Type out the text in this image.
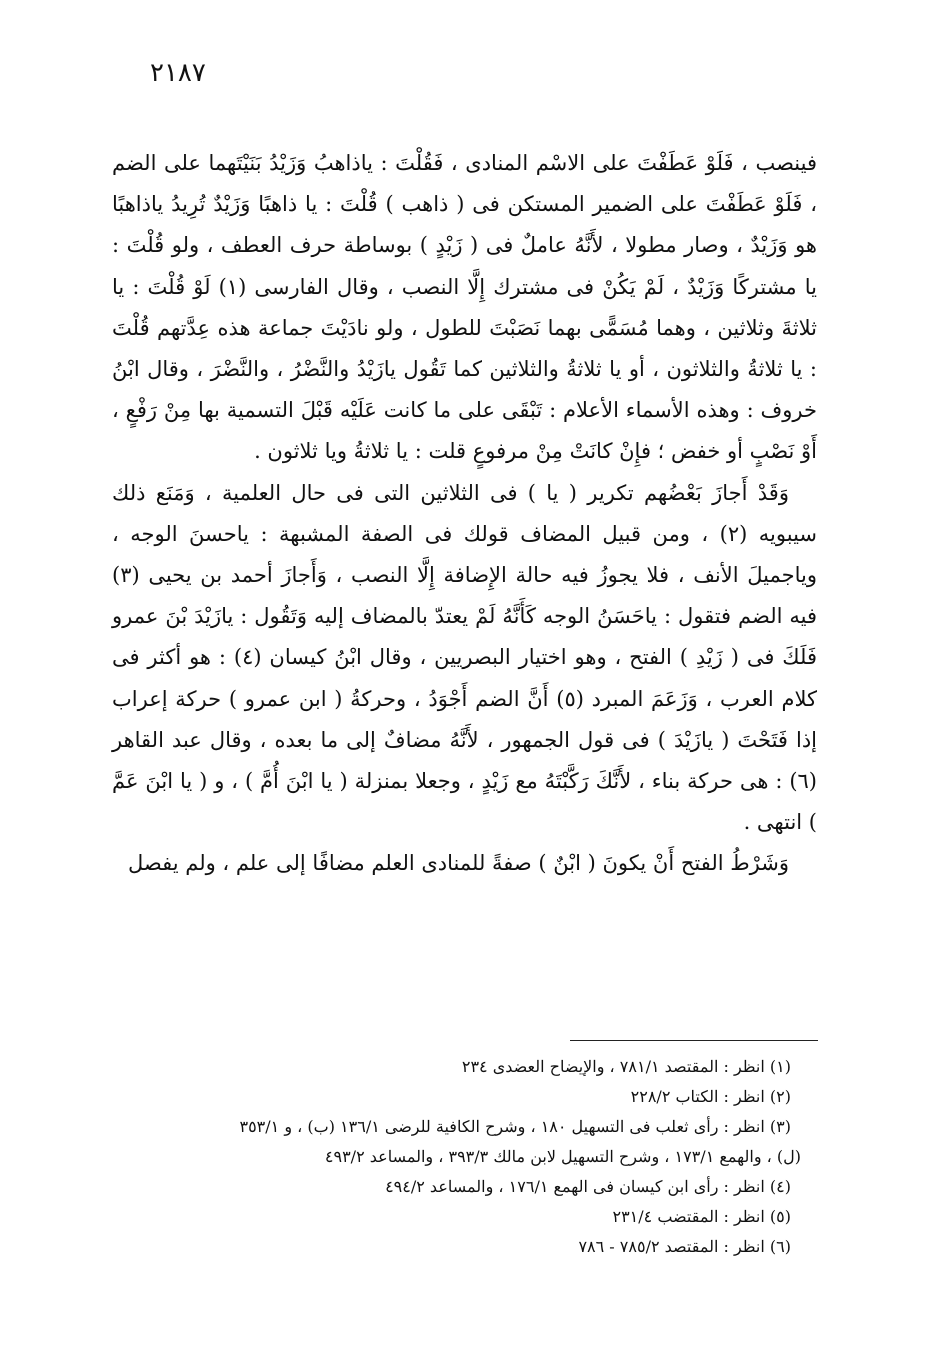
٢١٨٧

فينصب ، فَلَوْ عَطَفْتَ على الاسْم المنادى ، فَقُلْتَ : ياذاهبُ وَزَيْدُ بَنَيْتَهما على الضم ، فَلَوْ عَطَفْتَ على الضمير المستكن فى ( ذاهب ) قُلْتَ : يا ذاهبًا وَزَيْدٌ تُرِيدُ ياذاهبًا هو وَزَيْدٌ ، وصار مطولا ، لأَنَّهُ عاملٌ فى ( زَيْدٍ ) بوساطة حرف العطف ، ولو قُلْتَ : يا مشتركًا وَزَيْدٌ ، لَمْ يَكُنْ فى مشترك إِلَّا النصب ، وقال الفارسى (١) لَوْ قُلْتَ : يا ثلاثةَ وثلاثين ، وهما مُسَمًّى بهما نَصَبْتَ للطول ، ولو نادَيْتَ جماعة هذه عِدَّتهم قُلْتَ : يا ثلاثةُ والثلاثون ، أو يا ثلاثةُ والثلاثين كما تَقُول يازَيْدُ والنَّضْرُ ، والنَّضْرَ ، وقال ابْنُ خروف : وهذه الأسماء الأعلام : تَبْقَى على ما كانت عَلَيْه قَبْلَ التسمية بها مِنْ رَفْعٍ ، أَوْ نَصْبٍ أو خفض ؛ فإِنْ كانَتْ مِنْ مرفوعٍ قلت : يا ثلاثةُ ويا ثلاثون .

وَقَدْ أَجازَ بَعْضُهم تكرير ( يا ) فى الثلاثين التى فى حال العلمية ، وَمَنَع ذلك سيبويه (٢) ، ومن قبيل المضاف قولك فى الصفة المشبهة : ياحسنَ الوجه ، وياجميلَ الأنف ، فلا يجوزُ فيه حالة الإِضافة إِلَّا النصب ، وَأَجازَ أحمد بن يحيى (٣) فيه الضم فتقول : ياحَسَنُ الوجه كَأَنَّهُ لَمْ يعتدّ بالمضاف إليه وَتَقُول : يازَيْدَ بْنَ عمرو فَلَكَ فى ( زَيْدِ ) الفتح ، وهو اختيار البصريين ، وقال ابْنُ كيسان (٤) : هو أكثر فى كلام العرب ، وَزَعَمَ المبرد (٥) أَنَّ الضم أَجْوَدُ ، وحركةُ ( ابن عمرو ) حركة إعراب إذا فَتَحْتَ ( يازَيْدَ ) فى قول الجمهور ، لأَنَّهُ مضافٌ إلى ما بعده ، وقال عبد القاهر (٦) : هى حركة بناء ، لأَنَّكَ رَكَّبْتَهُ مع زَيْدٍ ، وجعلا بمنزلة ( يا ابْنَ أُمَّ ) ، و ( يا ابْنَ عَمَّ ) انتهى .

وَشَرْطُ الفتح أَنْ يكونَ ( ابْنٌ ) صفةً للمنادى العلم مضافًا إلى علم ، ولم يفصل

(١) انظر : المقتصد ٧٨١/١ ، والإيضاح العضدى ٢٣٤

(٢) انظر : الكتاب ٢٢٨/٢

(٣) انظر : رأى ثعلب فى التسهيل ١٨٠ ، وشرح الكافية للرضى ١٣٦/١ (ب) ، و ٣٥٣/١

(ل) ، والهمع ١٧٣/١ ، وشرح التسهيل لابن مالك ٣٩٣/٣ ، والمساعد ٤٩٣/٢

(٤) انظر : رأى ابن كيسان فى الهمع ١٧٦/١ ، والمساعد ٤٩٤/٢

(٥) انظر : المقتضب ٢٣١/٤

(٦) انظر : المقتصد ٧٨٥/٢ - ٧٨٦
